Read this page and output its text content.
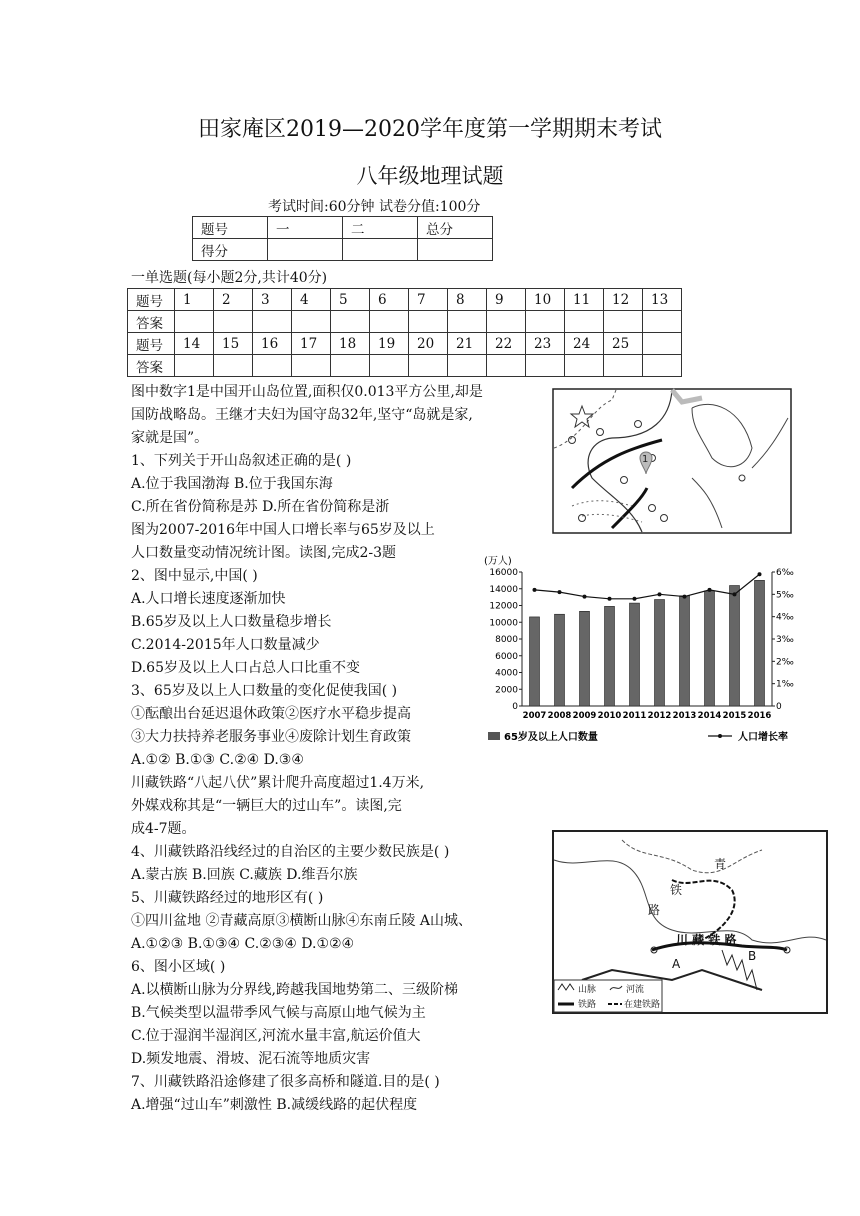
田家庵区2019—2020学年度第一学期期末考试
八年级地理试题
考试时间:60分钟 试卷分值:100分
题号	一	二	总分
得分			
一单选题(每小题2分,共计40分)
题号	1	2	3	4	5	6	7	8	9	10	11	12	13
答案													
题号	14	15	16	17	18	19	20	21	22	23	24	25	
答案													
图中数字1是中国开山岛位置,面积仅0.013平方公里,却是
国防战略岛。王继才夫妇为国守岛32年,坚守“岛就是家,
家就是国”。
1、下列关于开山岛叙述正确的是( )
A.位于我国渤海 B.位于我国东海
C.所在省份简称是苏 D.所在省份简称是浙
图为2007-2016年中国人口增长率与65岁及以上
人口数量变动情况统计图。读图,完成2-3题
2、图中显示,中国( )
A.人口增长速度逐渐加快
B.65岁及以上人口数量稳步增长
C.2014-2015年人口数量减少
D.65岁及以上人口占总人口比重不变
3、65岁及以上人口数量的变化促使我国( )
①酝酿出台延迟退休政策②医疗水平稳步提高
③大力扶持养老服务事业④废除计划生育政策
A.①② B.①③ C.②④ D.③④
川藏铁路“八起八伏”累计爬升高度超过1.4万米,
外媒戏称其是“一辆巨大的过山车”。读图,完
成4-7题。
4、川藏铁路沿线经过的自治区的主要少数民族是( )
A.蒙古族 B.回族 C.藏族 D.维吾尔族
5、川藏铁路经过的地形区有( )
①四川盆地 ②青藏高原③横断山脉④东南丘陵 A山城、
A.①②③ B.①③④ C.②③④ D.①②④
6、图小区域( )
A.以横断山脉为分界线,跨越我国地势第二、三级阶梯
B.气候类型以温带季风气候与高原山地气候为主
C.位于湿润半湿润区,河流水量丰富,航运价值大
D.频发地震、滑坡、泥石流等地质灾害
7、川藏铁路沿途修建了很多高桥和隧道.目的是( )
A.增强“过山车”刺激性 B.减缓线路的起伏程度
1
(万人)
0
2000
4000
6000
8000
10000
12000
14000
16000
0
1‰
2‰
3‰
4‰
5‰
6‰
2007 2008 2009 2010 2011 2012 2013 2014 2015 2016
65岁及以上人口数量	人口增长率
川 藏 铁 路
A
B
青
铁
路
山脉	河流
铁路	在建铁路
